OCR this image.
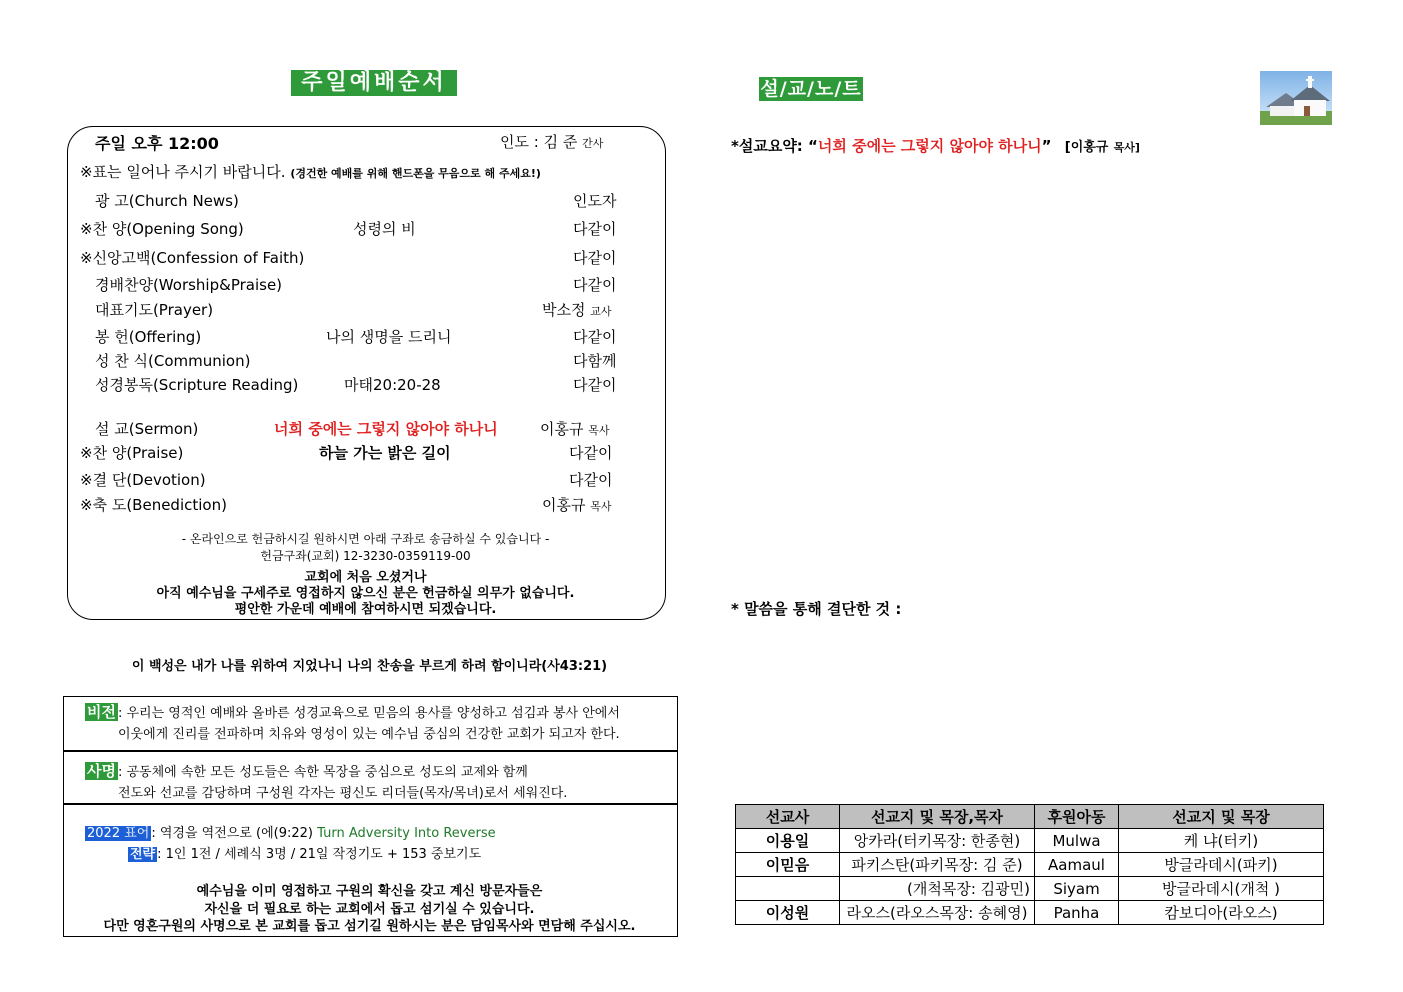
주일예배순서
주일 오후 12:00	인도 : 김 준 간사
※표는 일어나 주시기 바랍니다. (경건한 예배를 위해 핸드폰을 무음으로 해 주세요!)
광 고(Church News)	인도자
※찬 양(Opening Song)	성령의 비	다같이
※신앙고백(Confession of Faith)	다같이
경배찬양(Worship&Praise)	다같이
대표기도(Prayer)	박소정 교사
봉 헌(Offering)	나의 생명을 드리니	다같이
성 찬 식(Communion)	다함께
성경봉독(Scripture Reading)	마태20:20-28	다같이
설 교(Sermon)	너희 중에는 그렇지 않아야 하나니	이홍규 목사
※찬 양(Praise)	하늘 가는 밝은 길이	다같이
※결 단(Devotion)	다같이
※축 도(Benediction)	이홍규 목사
- 온라인으로 헌금하시길 원하시면 아래 구좌로 송금하실 수 있습니다 -
헌금구좌(교회) 12-3230-0359119-00
교회에 처음 오셨거나
아직 예수님을 구세주로 영접하지 않으신 분은 헌금하실 의무가 없습니다.
평안한 가운데 예배에 참여하시면 되겠습니다.
이 백성은 내가 나를 위하여 지었나니 나의 찬송을 부르게 하려 함이니라(사43:21)
비전 : 우리는 영적인 예배와 올바른 성경교육으로 믿음의 용사를 양성하고 섬김과 봉사 안에서
이웃에게 진리를 전파하며 치유와 영성이 있는 예수님 중심의 건강한 교회가 되고자 한다.
사명 : 공동체에 속한 모든 성도들은 속한 목장을 중심으로 성도의 교제와 함께
전도와 선교를 감당하며 구성원 각자는 평신도 리더들(목자/목녀)로서 세워진다.
2022 표어 : 역경을 역전으로 (에(9:22) Turn Adversity Into Reverse
전략 : 1인 1전 / 세례식 3명 / 21일 작정기도 + 153 중보기도
예수님을 이미 영접하고 구원의 확신을 갖고 계신 방문자들은
자신을 더 필요로 하는 교회에서 돕고 섬기실 수 있습니다.
다만 영혼구원의 사명으로 본 교회를 돕고 섬기길 원하시는 분은 담임목사와 면담해 주십시오.
설/교/노/트
*설교요약: “너희 중에는 그렇지 않아야 하나니” [이홍규 목사]
* 말씀을 통해 결단한 것 :
선교사	선교지 및 목장,목자	후원아동	선교지 및 목장
이용일	앙카라(터키목장: 한종현)	Mulwa	케 냐(터키)
이믿음	파키스탄(파키목장: 김 준)	Aamaul	방글라데시(파키)
	(개척목장: 김광민)	Siyam	방글라데시(개척 )
이성원	라오스(라오스목장: 송혜영)	Panha	캄보디아(라오스)
